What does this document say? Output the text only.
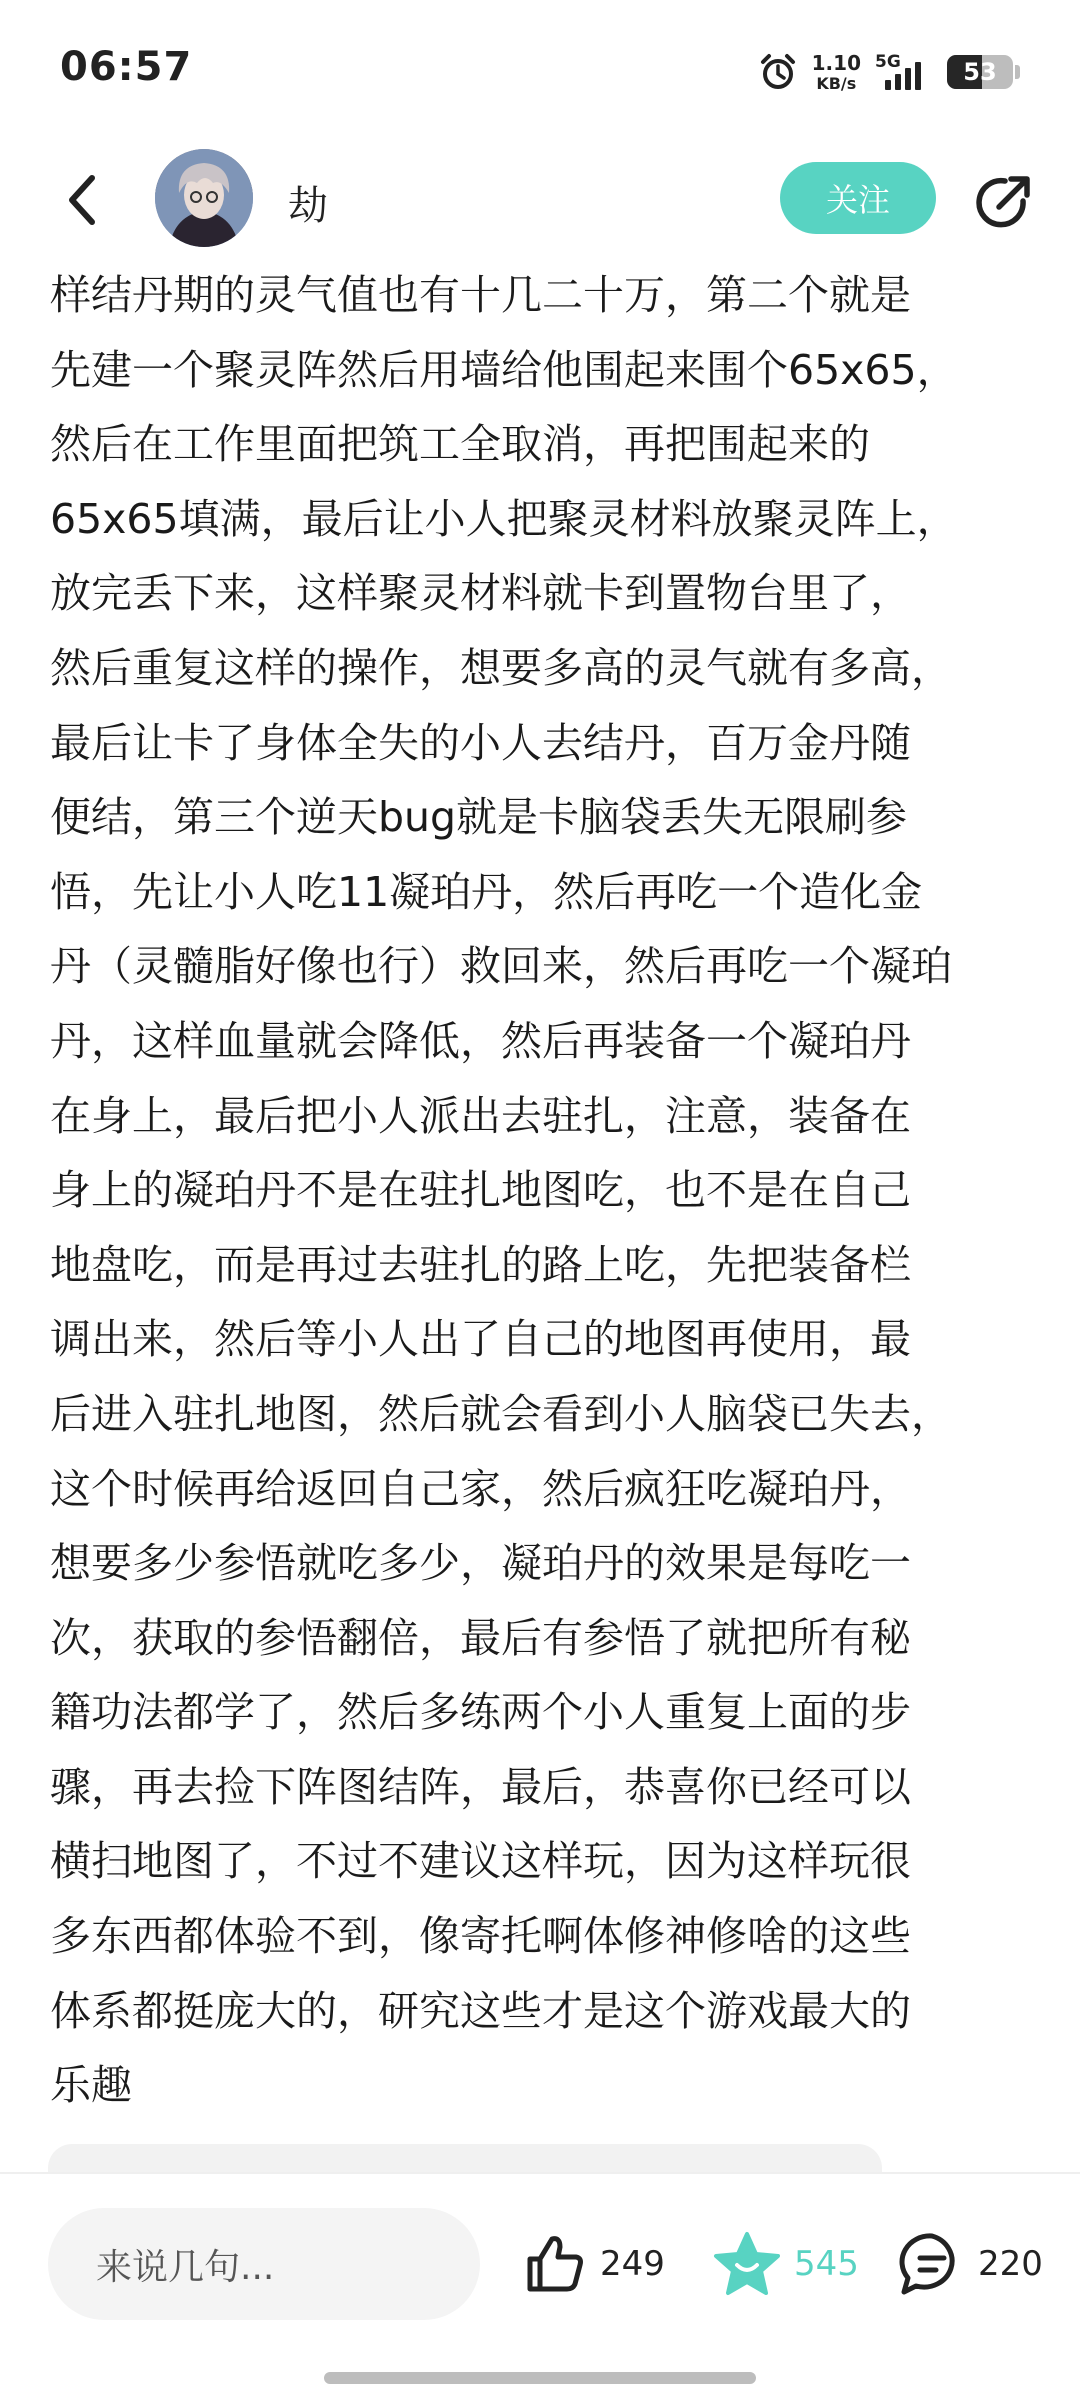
06:57	1.10
KB/s
5G	53
劫	关注

样结丹期的灵气值也有十几二十万，第二个就是

先建一个聚灵阵然后用墙给他围起来围个65x65，

然后在工作里面把筑工全取消，再把围起来的

65x65填满，最后让小人把聚灵材料放聚灵阵上，

放完丢下来，这样聚灵材料就卡到置物台里了，

然后重复这样的操作，想要多高的灵气就有多高，

最后让卡了身体全失的小人去结丹，百万金丹随

便结，第三个逆天bug就是卡脑袋丢失无限刷参

悟，先让小人吃11凝珀丹，然后再吃一个造化金

丹（灵髓脂好像也行）救回来，然后再吃一个凝珀

丹，这样血量就会降低，然后再装备一个凝珀丹

在身上，最后把小人派出去驻扎，注意，装备在

身上的凝珀丹不是在驻扎地图吃，也不是在自己

地盘吃，而是再过去驻扎的路上吃，先把装备栏

调出来，然后等小人出了自己的地图再使用，最

后进入驻扎地图，然后就会看到小人脑袋已失去，

这个时候再给返回自己家，然后疯狂吃凝珀丹，

想要多少参悟就吃多少，凝珀丹的效果是每吃一

次，获取的参悟翻倍，最后有参悟了就把所有秘

籍功法都学了，然后多练两个小人重复上面的步

骤，再去捡下阵图结阵，最后，恭喜你已经可以

横扫地图了，不过不建议这样玩，因为这样玩很

多东西都体验不到，像寄托啊体修神修啥的这些

体系都挺庞大的，研究这些才是这个游戏最大的

乐趣

来说几句...	249	545	220
